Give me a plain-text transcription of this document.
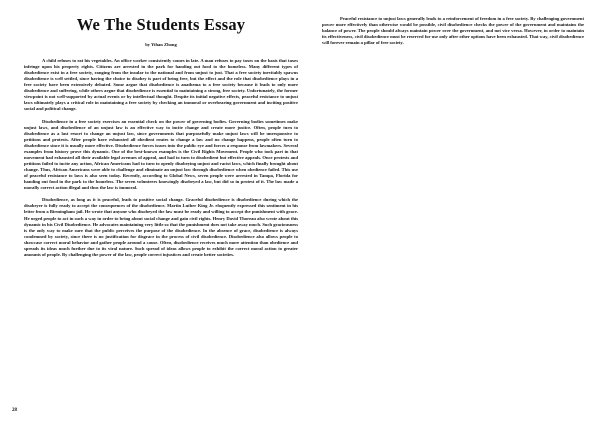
We The Students Essay

by Yihan Zhong

A child refuses to eat his vegetables. An office worker consistently comes in late. A man refuses to pay taxes on the basis that taxes infringe upon his property rights. Citizens are arrested in the park for handing out food to the homeless. Many different types of disobedience exist in a free society, ranging from the insular to the national and from unjust to just. That a free society inevitably spawns disobedience is well settled, since having the choice to disobey is part of being free, but the effect and the role that disobedience plays in a free society have been extensively debated. Some argue that disobedience is anathema to a free society because it leads to only more disobedience and suffering, while others argue that disobedience is essential to maintaining a strong, free society. Unfortunately, the former viewpoint is not well-supported by actual events or by intellectual thought. Despite its initial negative effects, peaceful resistance to unjust laws ultimately plays a critical role in maintaining a free society by checking an immoral or overbearing government and inciting positive social and political change.

Disobedience in a free society exercises an essential check on the power of governing bodies. Governing bodies sometimes make unjust laws, and disobedience of an unjust law is an effective way to incite change and create more justice. Often, people turn to disobedience as a last resort to change an unjust law, since governments that purposefully make unjust laws will be unresponsive to petitions and protests. After people have exhausted all obedient routes to change a law and no change happens, people often turn to disobedience since it is usually more effective. Disobedience forces issues into the public eye and forces a response from lawmakers. Several examples from history prove this dynamic. One of the best-known examples is the Civil Rights Movement. People who took part in that movement had exhausted all their available legal avenues of appeal, and had to turn to disobedient but effective appeals. Once protests and petitions failed to incite any action, African Americans had to turn to openly disobeying unjust and racist laws, which finally brought about change. Thus, African Americans were able to challenge and eliminate an unjust law through disobedience when obedience failed. This use of peaceful resistance to laws is also seen today. Recently, according to Global News, seven people were arrested in Tampa, Florida for handing out food in the park to the homeless. The seven volunteers knowingly disobeyed a law, but did so in protest of it. The law made a morally correct action illegal and thus the law is immoral.

Disobedience, as long as it is peaceful, leads to positive social change. Graceful disobedience is disobedience during which the disobeyer is fully ready to accept the consequences of the disobedience. Martin Luther King Jr. eloquently expressed this sentiment in his letter from a Birmingham jail. He wrote that anyone who disobeyed the law must be ready and willing to accept the punishment with grace. He urged people to act in such a way in order to bring about social change and gain civil rights. Henry David Thoreau also wrote about this dynamic in his Civil Disobedience. He advocates maintaining very little so that the punishment does not take away much. Such graciousness is the only way to make sure that the public perceives the purpose of the disobedience. In the absence of grace, disobedience is always condemned by society, since there is no justification for disgrace in the process of civil disobedience. Disobedience also allows people to showcase correct moral behavior and gather people around a cause. Often, disobedience receives much more attention than obedience and spreads its ideas much further due to its viral nature. Such spread of ideas allows people to exhibit the correct moral action to greater amounts of people. By challenging the power of the law, people correct injustices and create better societies.

Peaceful resistance to unjust laws generally leads to a reinforcement of freedom in a free society. By challenging government power more effectively than otherwise would be possible, civil disobedience checks the power of the government and maintains the balance of power. The people should always maintain power over the government, and not vice versa. However, in order to maintain its effectiveness, civil disobedience must be reserved for use only after other options have been exhausted. That way, civil disobedience will forever remain a pillar of free society.

28
